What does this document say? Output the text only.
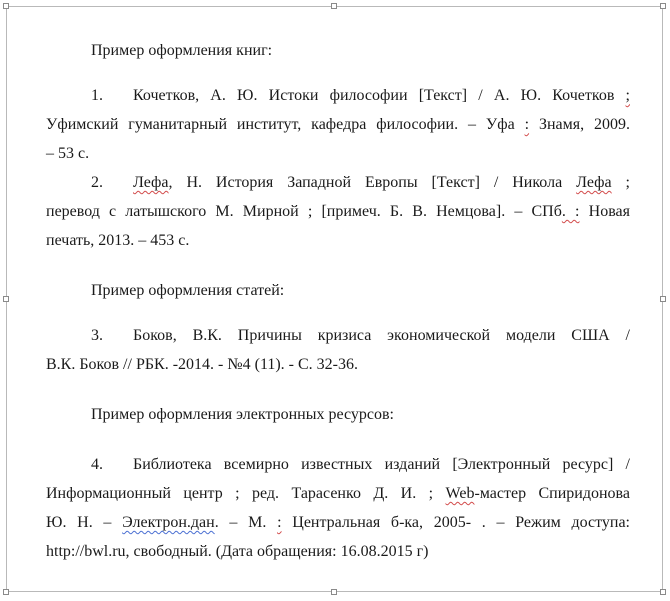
Пример оформления книг:
1. Кочетков, А. Ю. Истоки философии [Текст] / А. Ю. Кочетков ;
Уфимский гуманитарный институт, кафедра философии. – Уфа : Знамя, 2009.
– 53 с.
2. Лефа, Н. История Западной Европы [Текст] / Никола Лефа ;
перевод с латышского М. Мирной ; [примеч. Б. В. Немцова]. – СПб. : Новая
печать, 2013. – 453 с.
Пример оформления статей:
3. Боков, В.К. Причины кризиса экономической модели США /
В.К. Боков // РБК. -2014. - №4 (11). - С. 32-36.
Пример оформления электронных ресурсов:
4. Библиотека всемирно известных изданий [Электронный ресурс] /
Информационный центр ; ред. Тарасенко Д. И. ; Web-мастер Спиридонова
Ю. Н. – Электрон.дан. – М. : Центральная б-ка, 2005- . – Режим доступа:
http://bwl.ru, свободный. (Дата обращения: 16.08.2015 г)
